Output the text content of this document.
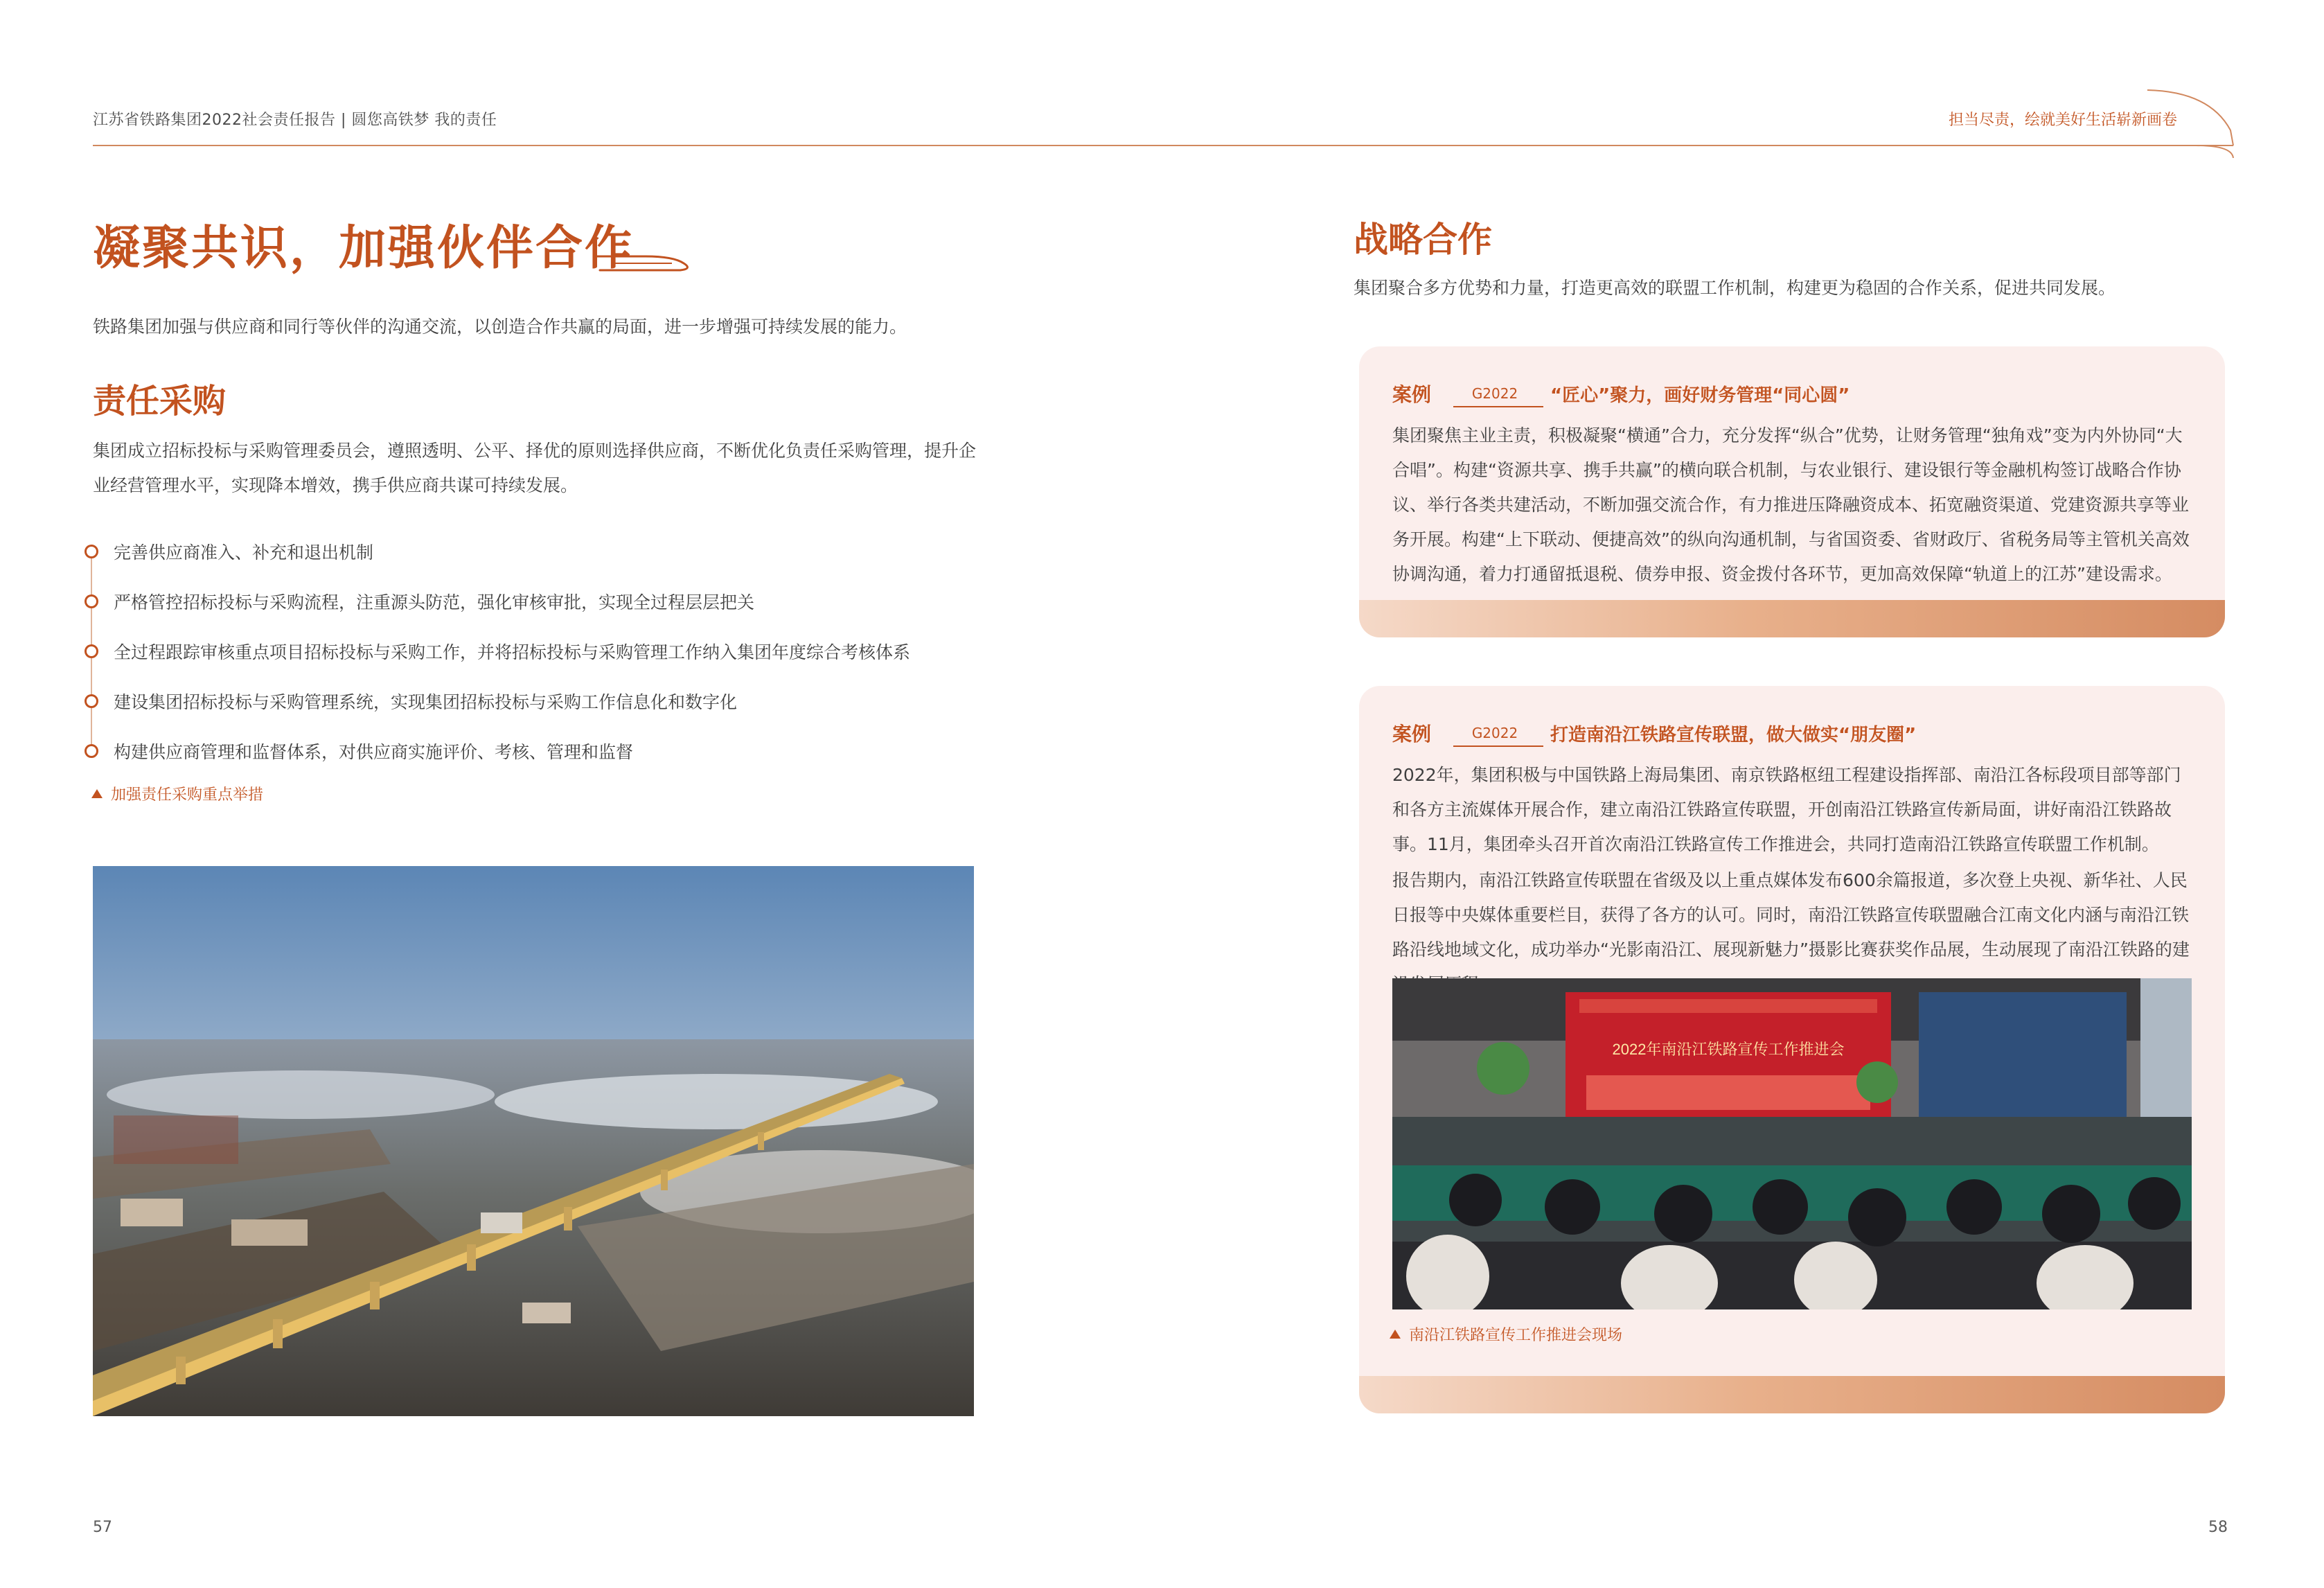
江苏省铁路集团2022社会责任报告 | 圆您高铁梦 我的责任	担当尽责，绘就美好生活崭新画卷
凝聚共识，加强伙伴合作
铁路集团加强与供应商和同行等伙伴的沟通交流，以创造合作共赢的局面，进一步增强可持续发展的能力。
责任采购
集团成立招标投标与采购管理委员会，遵照透明、公平、择优的原则选择供应商，不断优化负责任采购管理，提升企业经营管理水平，实现降本增效，携手供应商共谋可持续发展。
完善供应商准入、补充和退出机制
严格管控招标投标与采购流程，注重源头防范，强化审核审批，实现全过程层层把关
全过程跟踪审核重点项目招标投标与采购工作，并将招标投标与采购管理工作纳入集团年度综合考核体系
建设集团招标投标与采购管理系统，实现集团招标投标与采购工作信息化和数字化
构建供应商管理和监督体系，对供应商实施评价、考核、管理和监督
加强责任采购重点举措
57
战略合作
集团聚合多方优势和力量，打造更高效的联盟工作机制，构建更为稳固的合作关系，促进共同发展。
案例	G2022	“匠心”聚力，画好财务管理“同心圆”
集团聚焦主业主责，积极凝聚“横通”合力，充分发挥“纵合”优势，让财务管理“独角戏”变为内外协同“大合唱”。构建“资源共享、携手共赢”的横向联合机制，与农业银行、建设银行等金融机构签订战略合作协议、举行各类共建活动，不断加强交流合作，有力推进压降融资成本、拓宽融资渠道、党建资源共享等业务开展。构建“上下联动、便捷高效”的纵向沟通机制，与省国资委、省财政厅、省税务局等主管机关高效协调沟通，着力打通留抵退税、债券申报、资金拨付各环节，更加高效保障“轨道上的江苏”建设需求。
案例	G2022	打造南沿江铁路宣传联盟，做大做实“朋友圈”
2022年，集团积极与中国铁路上海局集团、南京铁路枢纽工程建设指挥部、南沿江各标段项目部等部门和各方主流媒体开展合作，建立南沿江铁路宣传联盟，开创南沿江铁路宣传新局面，讲好南沿江铁路故事。11月，集团牵头召开首次南沿江铁路宣传工作推进会，共同打造南沿江铁路宣传联盟工作机制。
报告期内，南沿江铁路宣传联盟在省级及以上重点媒体发布600余篇报道，多次登上央视、新华社、人民日报等中央媒体重要栏目，获得了各方的认可。同时，南沿江铁路宣传联盟融合江南文化内涵与南沿江铁路沿线地域文化，成功举办“光影南沿江、展现新魅力”摄影比赛获奖作品展，生动展现了南沿江铁路的建
2022年南沿江铁路宣传工作推进会
南沿江铁路宣传工作推进会现场
58
